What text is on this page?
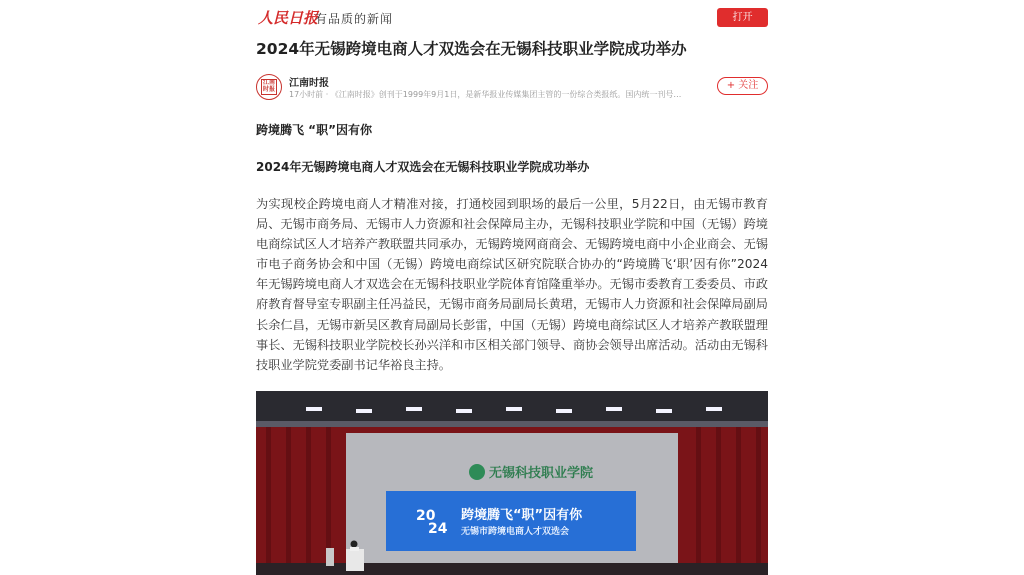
人民日报
有品质的新闻	打开
2024年无锡跨境电商人才双选会在无锡科技职业学院成功举办
江南时报 江南时报
17小时前 · 《江南时报》创刊于1999年9月1日，是新华报业传媒集团主管的一份综合类报纸。国内统一刊号…
+ 关注
跨境腾飞 “职”因有你
2024年无锡跨境电商人才双选会在无锡科技职业学院成功举办

为实现校企跨境电商人才精准对接，打通校园到职场的最后一公里，5月22日，由无锡市教育局、无锡市商务局、无锡市人力资源和社会保障局主办，无锡科技职业学院和中国（无锡）跨境电商综试区人才培养产教联盟共同承办，无锡跨境网商商会、无锡跨境电商中小企业商会、无锡市电子商务协会和中国（无锡）跨境电商综试区研究院联合协办的“跨境腾飞‘职’因有你”2024年无锡跨境电商人才双选会在无锡科技职业学院体育馆隆重举办。无锡市委教育工委委员、市政府教育督导室专职副主任冯益民，无锡市商务局副局长黄珺，无锡市人力资源和社会保障局副局长余仁昌，无锡市新吴区教育局副局长彭雷，中国（无锡）跨境电商综试区人才培养产教联盟理事长、无锡科技职业学院校长孙兴洋和市区相关部门领导、商协会领导出席活动。活动由无锡科技职业学院党委副书记华裕良主持。

无锡科技职业学院
20
24
跨境腾飞“职”因有你
无锡市跨境电商人才双选会
